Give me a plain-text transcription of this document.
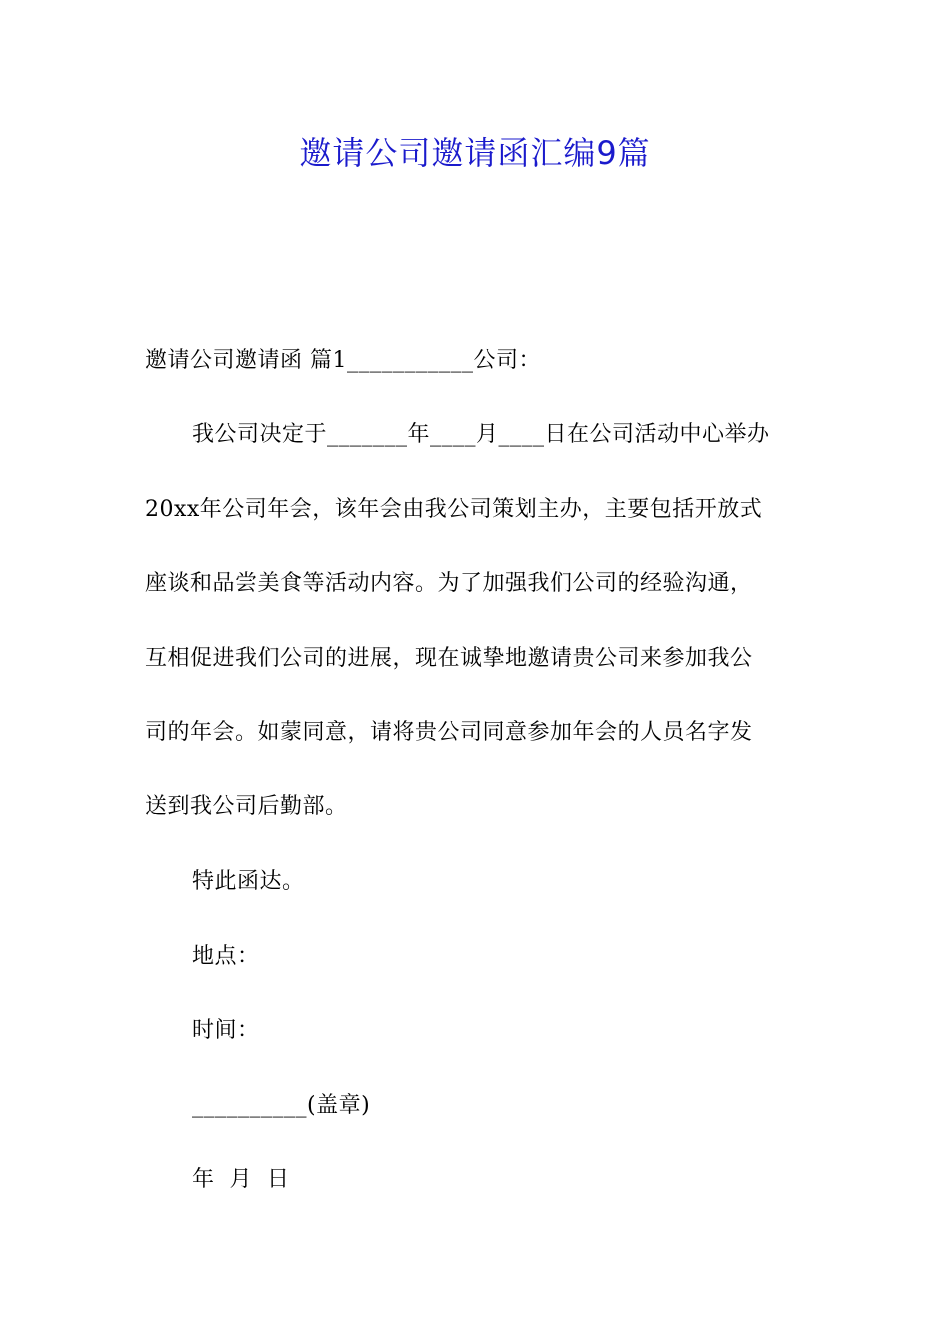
邀请公司邀请函汇编9篇
邀请公司邀请函 篇1___________公司：
我公司决定于_______年____月____日在公司活动中心举办
20xx年公司年会，该年会由我公司策划主办，主要包括开放式
座谈和品尝美食等活动内容。为了加强我们公司的经验沟通，
互相促进我们公司的进展，现在诚挚地邀请贵公司来参加我公
司的年会。如蒙同意，请将贵公司同意参加年会的人员名字发
送到我公司后勤部。
特此函达。
地点：
时间：
__________(盖章)
年  月  日
